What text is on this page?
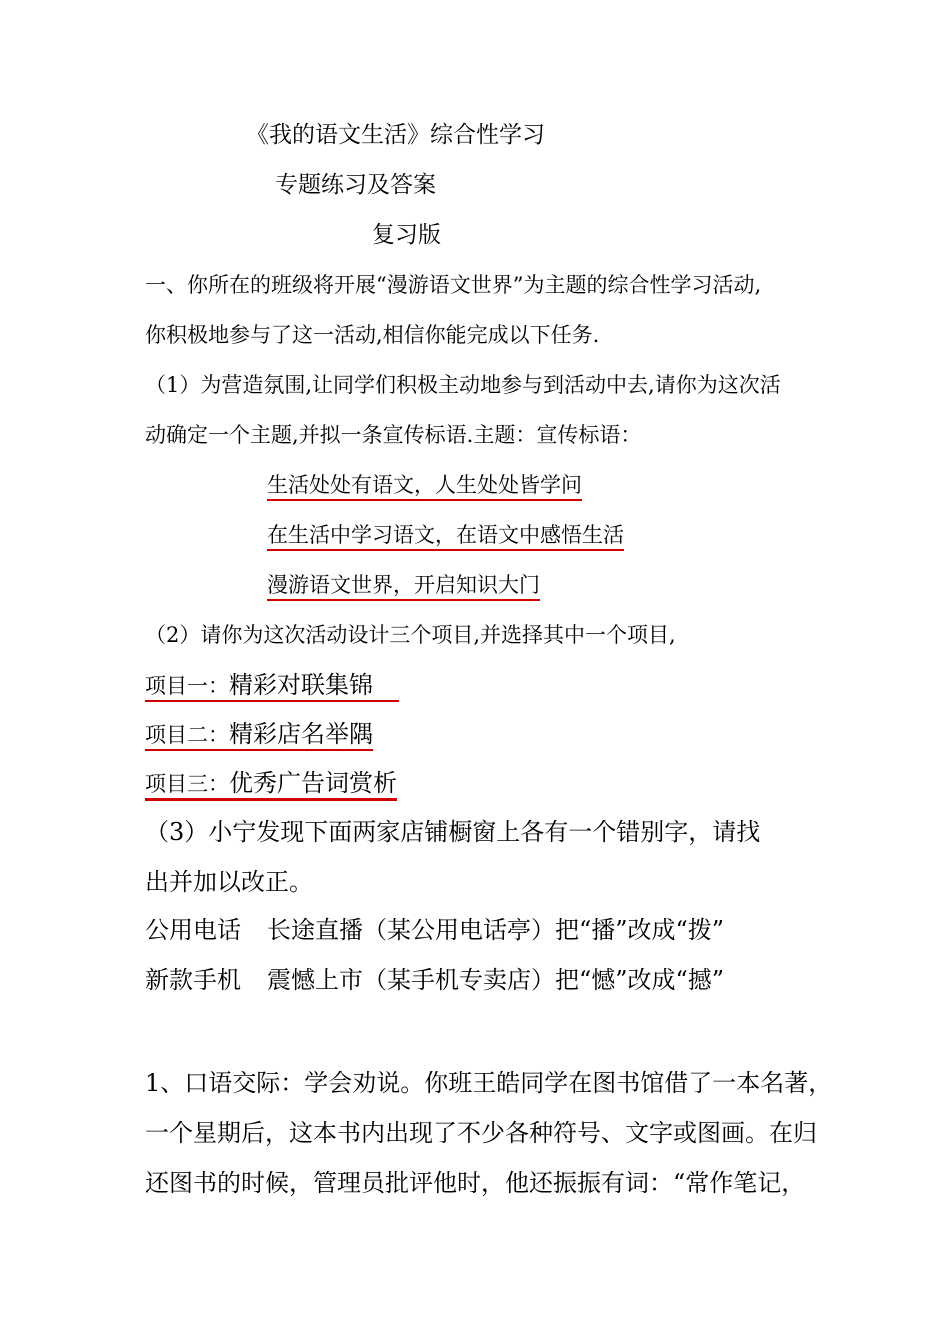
《我的语文生活》综合性学习
专题练习及答案
复习版
一、你所在的班级将开展“漫游语文世界”为主题的综合性学习活动,
你积极地参与了这一活动,相信你能完成以下任务.
（1）为营造氛围,让同学们积极主动地参与到活动中去,请你为这次活
动确定一个主题,并拟一条宣传标语.主题：宣传标语：
生活处处有语文，人生处处皆学问
在生活中学习语文，在语文中感悟生活
漫游语文世界，开启知识大门
（2）请你为这次活动设计三个项目,并选择其中一个项目,
项目一：精彩对联集锦
项目二：精彩店名举隅
项目三：优秀广告词赏析
（3）小宁发现下面两家店铺橱窗上各有一个错别字，请找
出并加以改正。
公用电话 长途直播（某公用电话亭）把“播”改成“拨”
新款手机 震憾上市（某手机专卖店）把“憾”改成“撼”
1、口语交际：学会劝说。你班王皓同学在图书馆借了一本名著，
一个星期后，这本书内出现了不少各种符号、文字或图画。在归
还图书的时候，管理员批评他时，他还振振有词：“常作笔记，
